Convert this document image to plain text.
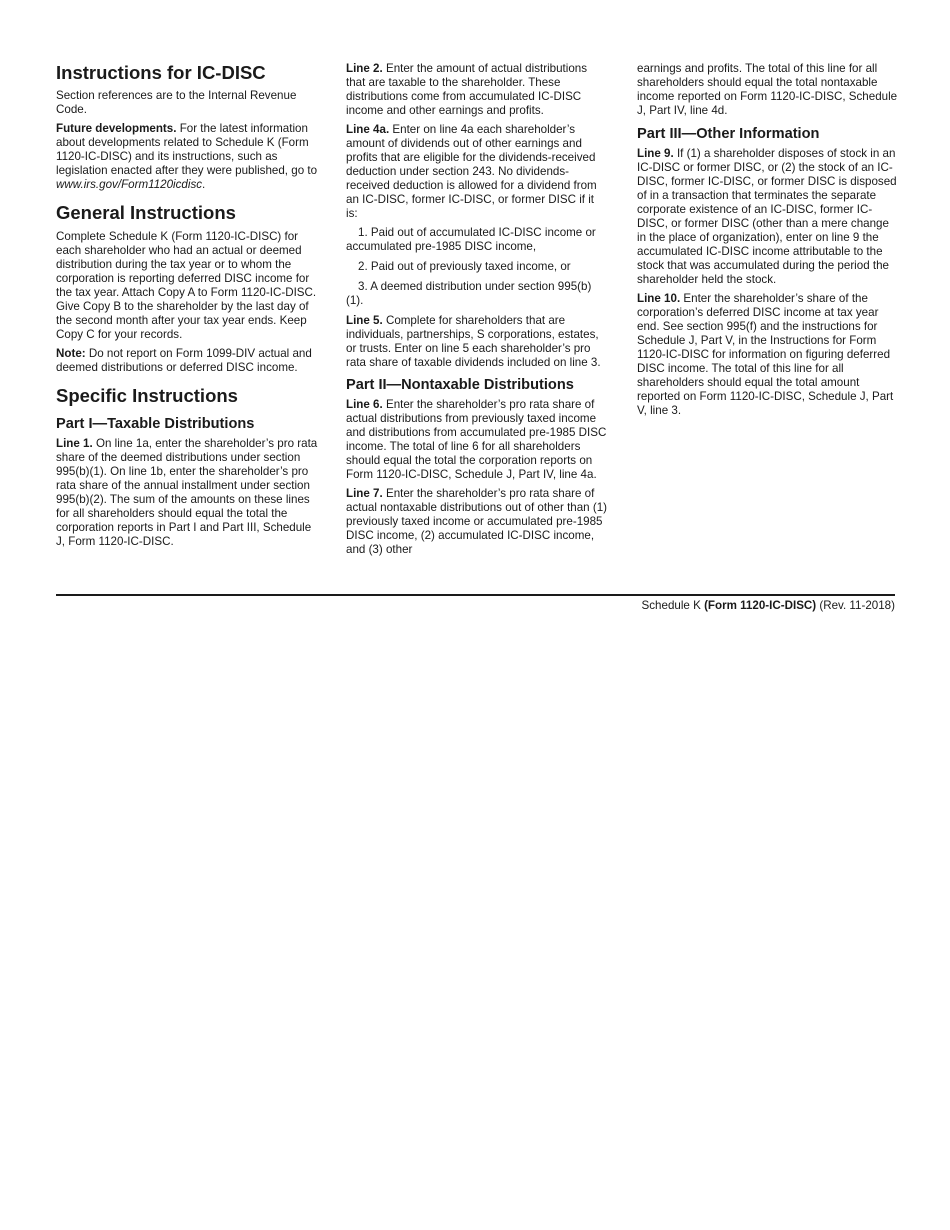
Instructions for IC-DISC

Section references are to the Internal Revenue Code.

Future developments. For the latest information about developments related to Schedule K (Form 1120-IC-DISC) and its instructions, such as legislation enacted after they were published, go to www.irs.gov/Form1120icdisc.

General Instructions

Complete Schedule K (Form 1120-IC-DISC) for each shareholder who had an actual or deemed distribution during the tax year or to whom the corporation is reporting deferred DISC income for the tax year. Attach Copy A to Form 1120-IC-DISC. Give Copy B to the shareholder by the last day of the second month after your tax year ends. Keep Copy C for your records.

Note: Do not report on Form 1099-DIV actual and deemed distributions or deferred DISC income.

Specific Instructions
Part I—Taxable Distributions

Line 1. On line 1a, enter the shareholder’s pro rata share of the deemed distributions under section 995(b)(1). On line 1b, enter the shareholder’s pro rata share of the annual installment under section 995(b)(2). The sum of the amounts on these lines for all shareholders should equal the total the corporation reports in Part I and Part III, Schedule J, Form 1120-IC-DISC.

Line 2. Enter the amount of actual distributions that are taxable to the shareholder. These distributions come from accumulated IC-DISC income and other earnings and profits.

Line 4a. Enter on line 4a each shareholder’s amount of dividends out of other earnings and profits that are eligible for the dividends-received deduction under section 243. No dividends-received deduction is allowed for a dividend from an IC-DISC, former IC-DISC, or former DISC if it is:

1. Paid out of accumulated IC-DISC income or accumulated pre-1985 DISC income,

2. Paid out of previously taxed income, or

3. A deemed distribution under section 995(b)(1).

Line 5. Complete for shareholders that are individuals, partnerships, S corporations, estates, or trusts. Enter on line 5 each shareholder’s pro rata share of taxable dividends included on line 3.

Part II—Nontaxable Distributions

Line 6. Enter the shareholder’s pro rata share of actual distributions from previously taxed income and distributions from accumulated pre-1985 DISC income. The total of line 6 for all shareholders should equal the total the corporation reports on Form 1120-IC-DISC, Schedule J, Part IV, line 4a.

Line 7. Enter the shareholder’s pro rata share of actual nontaxable distributions out of other than (1) previously taxed income or accumulated pre-1985 DISC income, (2) accumulated IC-DISC income, and (3) other

earnings and profits. The total of this line for all shareholders should equal the total nontaxable income reported on Form 1120-IC-DISC, Schedule J, Part IV, line 4d.

Part III—Other Information

Line 9. If (1) a shareholder disposes of stock in an IC-DISC or former DISC, or (2) the stock of an IC-DISC, former IC-DISC, or former DISC is disposed of in a transaction that terminates the separate corporate existence of an IC-DISC, former IC-DISC, or former DISC (other than a mere change in the place of organization), enter on line 9 the accumulated IC-DISC income attributable to the stock that was accumulated during the period the shareholder held the stock.

Line 10. Enter the shareholder’s share of the corporation’s deferred DISC income at tax year end. See section 995(f) and the instructions for Schedule J, Part V, in the Instructions for Form 1120-IC-DISC for information on figuring deferred DISC income. The total of this line for all shareholders should equal the total amount reported on Form 1120-IC-DISC, Schedule J, Part V, line 3.

Schedule K (Form 1120-IC-DISC) (Rev. 11-2018)
